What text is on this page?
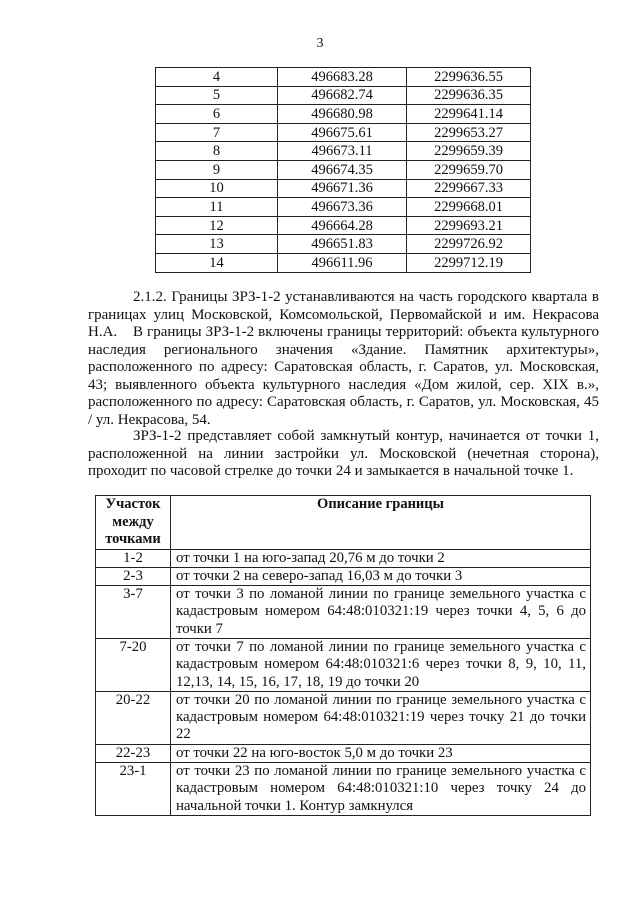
3
4	496683.28	2299636.55
5	496682.74	2299636.35
6	496680.98	2299641.14
7	496675.61	2299653.27
8	496673.11	2299659.39
9	496674.35	2299659.70
10	496671.36	2299667.33
11	496673.36	2299668.01
12	496664.28	2299693.21
13	496651.83	2299726.92
14	496611.96	2299712.19
2.1.2. Границы ЗРЗ-1-2 устанавливаются на часть городского квартала в границах улиц Московской, Комсомольской, Первомайской и им. Некрасова Н.А.	В границы ЗРЗ-1-2 включены границы территорий: объекта культурного наследия регионального значения «Здание. Памятник архитектуры», расположенного по адресу: Саратовская область, г. Саратов, ул. Московская, 43; выявленного объекта культурного наследия «Дом жилой, сер. XIX в.», расположенного по адресу: Саратовская область, г. Саратов, ул. Московская, 45 / ул. Некрасова, 54.
ЗРЗ-1-2 представляет собой замкнутый контур, начинается от точки 1, расположенной на линии застройки ул. Московской (нечетная сторона), проходит по часовой стрелке до точки 24 и замыкается в начальной точке 1.
Участок между точками	Описание границы
1-2	от точки 1 на юго-запад 20,76 м до точки 2
2-3	от точки 2 на северо-запад 16,03 м до точки 3
3-7	от точки 3 по ломаной линии по границе земельного участка с кадастровым номером 64:48:010321:19 через точки 4, 5, 6 до точки 7
7-20	от точки 7 по ломаной линии по границе земельного участка с кадастровым номером 64:48:010321:6 через точки 8, 9, 10, 11, 12,13, 14, 15, 16, 17, 18, 19 до точки 20
20-22	от точки 20 по ломаной линии по границе земельного участка с кадастровым номером 64:48:010321:19 через точку 21 до точки 22
22-23	от точки 22 на юго-восток 5,0 м до точки 23
23-1	от точки 23 по ломаной линии по границе земельного участка с кадастровым номером 64:48:010321:10 через точку 24 до начальной точки 1. Контур замкнулся
